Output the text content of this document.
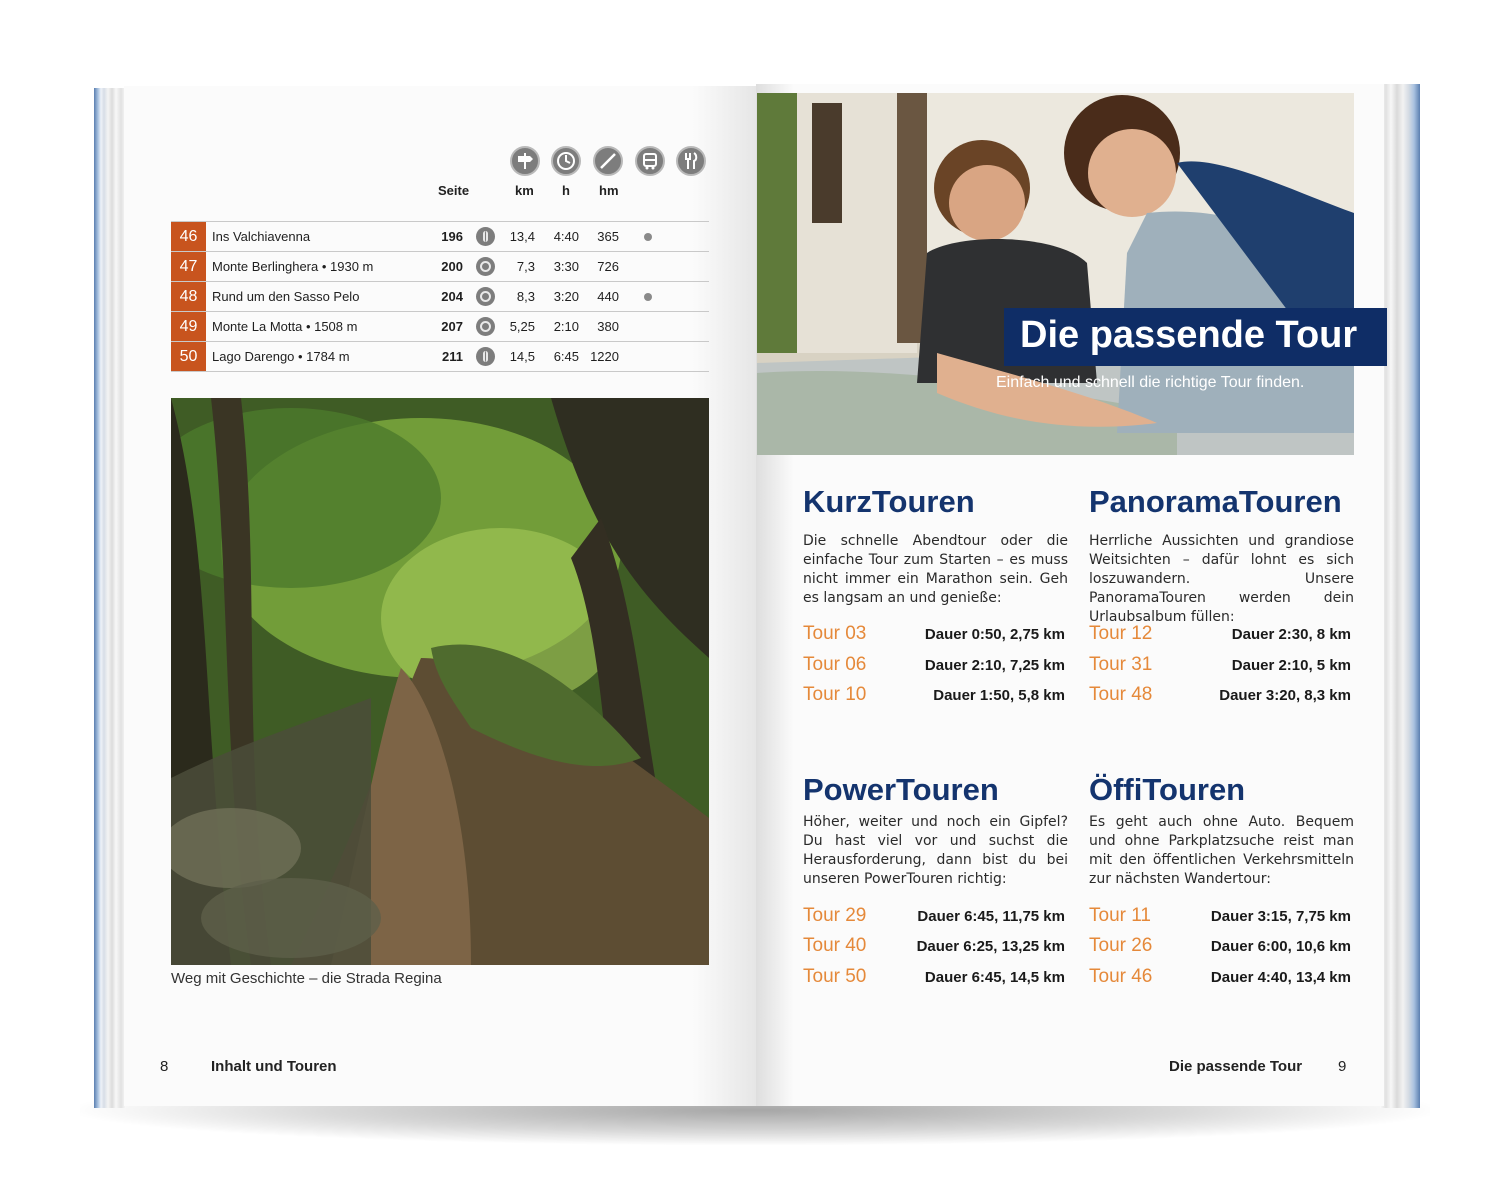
Seite	km h hm
46	Ins Valchiavenna	196	13,4	4:40	365
47	Monte Berlinghera • 1930 m	200	7,3	3:30	726
48	Rund um den Sasso Pelo	204	8,3	3:20	440
49	Monte La Motta • 1508 m	207	5,25	2:10	380
50	Lago Darengo • 1784 m	211	14,5	6:45 1220
Weg mit Geschichte – die Strada Regina
8	Inhalt und Touren
Die passende Tour
Einfach und schnell die richtige Tour finden.
KurzTouren
Die schnelle Abendtour oder die einfache Tour zum Starten – es muss nicht immer ein Marathon sein. Geh es langsam an und genieße:
Tour 03	Dauer 0:50, 2,75 km
Tour 06	Dauer 2:10, 7,25 km
Tour 10	Dauer 1:50, 5,8 km
PanoramaTouren
Herrliche Aussichten und grandiose Weitsichten – dafür lohnt es sich loszuwandern. Unsere PanoramaTouren werden dein Urlaubsalbum füllen:
Tour 12	Dauer 2:30, 8 km
Tour 31	Dauer 2:10, 5 km
Tour 48	Dauer 3:20, 8,3 km
PowerTouren
Höher, weiter und noch ein Gipfel? Du hast viel vor und suchst die Herausforderung, dann bist du bei unseren PowerTouren richtig:
Tour 29	Dauer 6:45, 11,75 km
Tour 40	Dauer 6:25, 13,25 km
Tour 50	Dauer 6:45, 14,5 km
ÖffiTouren
Es geht auch ohne Auto. Bequem und ohne Parkplatzsuche reist man mit den öffentlichen Verkehrsmitteln zur nächsten Wandertour:
Tour 11	Dauer 3:15, 7,75 km
Tour 26	Dauer 6:00, 10,6 km
Tour 46	Dauer 4:40, 13,4 km
Die passende Tour 9
